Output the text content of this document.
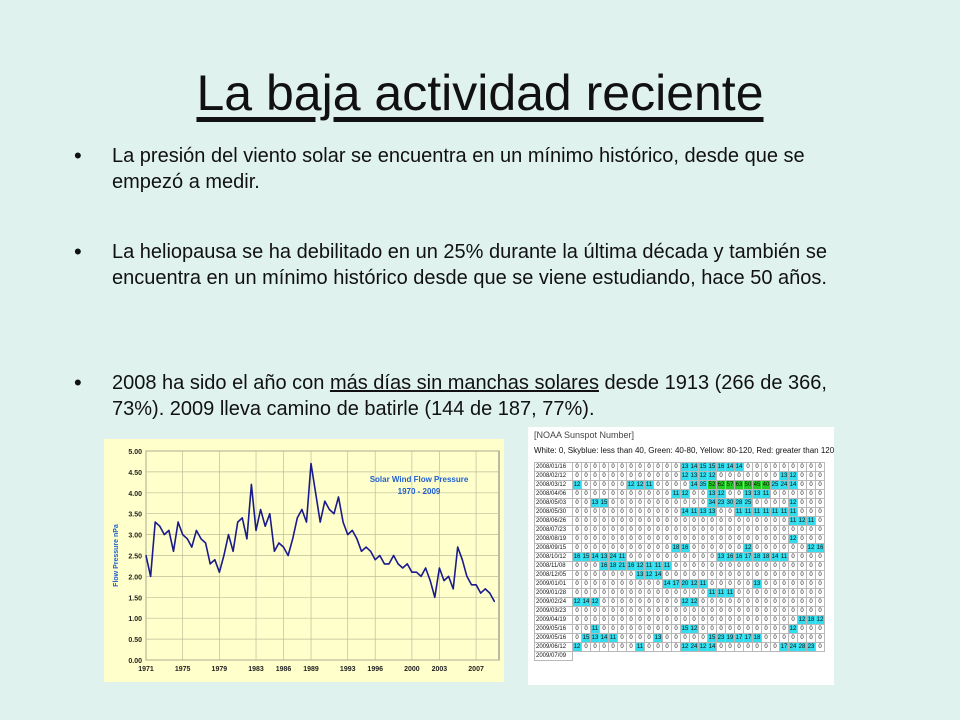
La baja actividad reciente
• La presión del viento solar se encuentra en un mínimo histórico, desde que se empezó a medir.
• La heliopausa se ha debilitado en un 25% durante la última década y también se encuentra en un mínimo histórico desde que se viene estudiando, hace 50 años.
• 2008 ha sido el año con más días sin manchas solares desde 1913 (266 de 366, 73%). 2009 lleva camino de batirle (144 de 187, 77%).
5.00
4.50
4.00
3.50
3.00
2.50
2.00
1.50
1.00
0.50
0.00
1971	1975	1979	1983 1986 1989	1993 1996	2000 2003	2007
Flow Pressure nPa
Solar Wind Flow Pressure
1970 - 2009

[NOAA Sunspot Number]

White: 0, Skyblue: less than 40, Green: 40-80, Yellow: 80-120, Red: greater than 120

2008/01/16	0	0	0	0	0	0	0	0	0	0	0	0	13	14	15	15	16	14	14	0	0	0	0	0	0	0	0	0
2008/02/12	0	0	0	0	0	0	0	0	0	0	0	0	12	13	12	12	0	0	0	0	0	0	0	13	12	0	0	0
2008/03/12	12	0	0	0	0	0	12	12	11	0	0	0	0	14	35	52	62	57	63	50	45	40	25	24	14	0	0	0
2008/04/06	0	0	0	0	0	0	0	0	0	0	0	11	12	0	0	13	12	0	0	13	13	11	0	0	0	0	0	0
2008/05/03	0	0	13	15	0	0	0	0	0	0	0	0	0	0	0	34	23	30	28	25	0	0	0	0	12	0	0	0
2008/05/30	0	0	0	0	0	0	0	0	0	0	0	0	14	11	13	13	0	0	11	11	11	11	11	11	11	0	0	0
2008/06/26	0	0	0	0	0	0	0	0	0	0	0	0	0	0	0	0	0	0	0	0	0	0	0	0	11	12	11	0
2008/07/23	0	0	0	0	0	0	0	0	0	0	0	0	0	0	0	0	0	0	0	0	0	0	0	0	0	0	0	0
2008/08/19	0	0	0	0	0	0	0	0	0	0	0	0	0	0	0	0	0	0	0	0	0	0	0	0	12	0	0	0
2008/09/15	0	0	0	0	0	0	0	0	0	0	0	18	16	0	0	0	0	0	0	12	0	0	0	0	0	0	12	16
2008/10/12	16	15	14	13	24	11	0	0	0	0	0	0	0	0	0	0	13	16	16	17	18	18	14	11	0	0	0	0
2008/11/08	0	0	0	16	18	21	16	12	11	11	11	0	0	0	0	0	0	0	0	0	0	0	0	0	0	0	0	0
2008/12/05	0	0	0	0	0	0	0	13	12	14	0	0	0	0	0	0	0	0	0	0	0	0	0	0	0	0	0	0
2009/01/01	0	0	0	0	0	0	0	0	0	0	14	17	20	12	11	0	0	0	0	0	13	0	0	0	0	0	0	0
2009/01/28	0	0	0	0	0	0	0	0	0	0	0	0	0	0	0	11	11	11	0	0	0	0	0	0	0	0	0	0
2009/02/24	12	14	12	0	0	0	0	0	0	0	0	0	12	12	0	0	0	0	0	0	0	0	0	0	0	0	0	0
2009/03/23	0	0	0	0	0	0	0	0	0	0	0	0	0	0	0	0	0	0	0	0	0	0	0	0	0	0	0	0
2009/04/19	0	0	0	0	0	0	0	0	0	0	0	0	0	0	0	0	0	0	0	0	0	0	0	0	0	12	18	12
2009/05/16	0	0	11	0	0	0	0	0	0	0	0	0	15	12	0	0	0	0	0	0	0	0	0	0	12	0	0	0
2009/05/16	0	15	13	14	11	0	0	0	0	13	0	0	0	0	0	15	23	19	17	17	18	0	0	0	0	0	0	0
2009/06/12	12	0	0	0	0	0	0	11	0	0	0	0	12	24	12	14	0	0	0	0	0	0	0	17	24	28	23	0
2009/07/09																												
